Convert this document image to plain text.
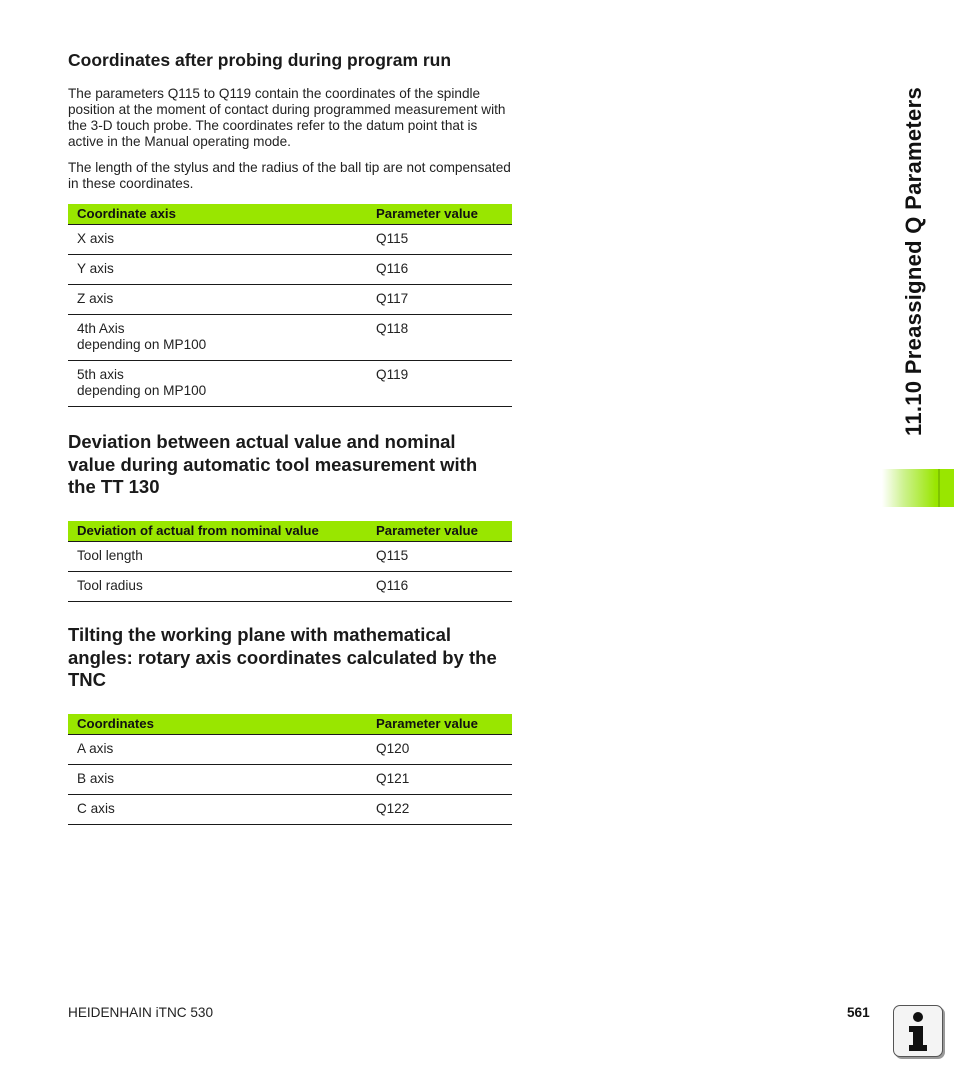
Coordinates after probing during program run

The parameters Q115 to Q119 contain the coordinates of the spindle position at the moment of contact during programmed measurement with the 3-D touch probe. The coordinates refer to the datum point that is active in the Manual operating mode.

The length of the stylus and the radius of the ball tip are not compensated in these coordinates.

Coordinate axis	Parameter value
X axis	Q115
Y axis	Q116
Z axis	Q117
4th Axis
depending on MP100	Q118
5th axis
depending on MP100	Q119
Deviation between actual value and nominal
value during automatic tool measurement with
the TT 130
Deviation of actual from nominal value	Parameter value
Tool length	Q115
Tool radius	Q116
Tilting the working plane with mathematical
angles: rotary axis coordinates calculated by the
TNC
Coordinates	Parameter value
A axis	Q120
B axis	Q121
C axis	Q122
11.10 Preassigned Q Parameters
HEIDENHAIN iTNC 530	561
